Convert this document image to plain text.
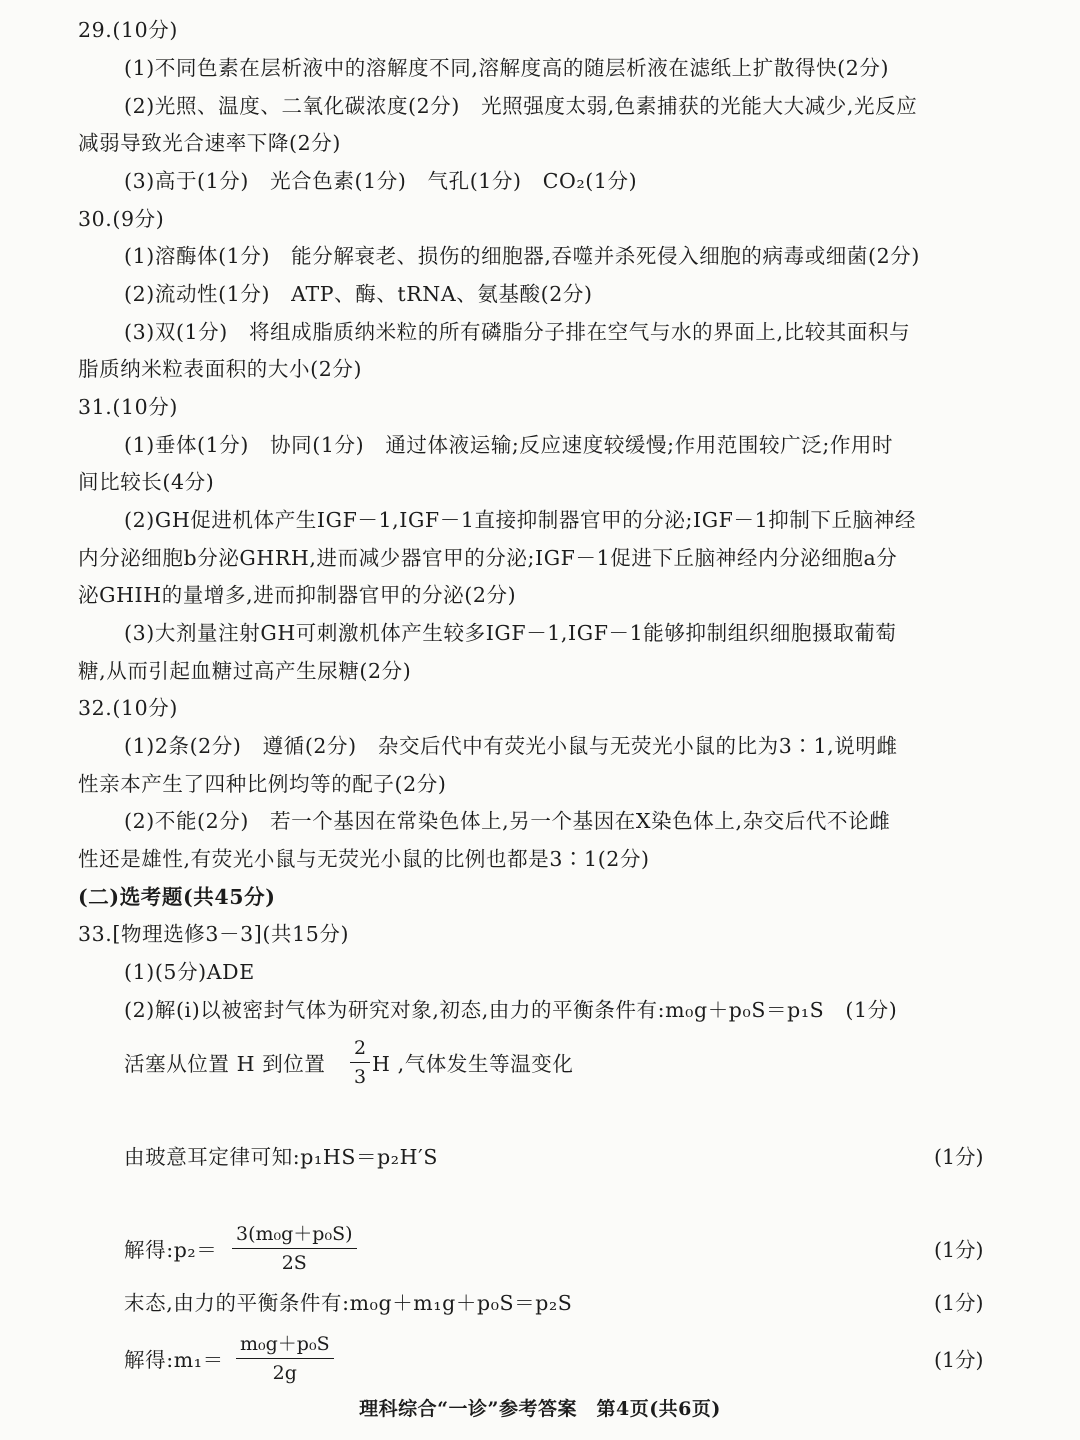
29.(10分)
(1)不同色素在层析液中的溶解度不同,溶解度高的随层析液在滤纸上扩散得快(2分)
(2)光照、温度、二氧化碳浓度(2分)　光照强度太弱,色素捕获的光能大大减少,光反应
减弱导致光合速率下降(2分)
(3)高于(1分)　光合色素(1分)　气孔(1分)　CO₂(1分)
30.(9分)
(1)溶酶体(1分)　能分解衰老、损伤的细胞器,吞噬并杀死侵入细胞的病毒或细菌(2分)
(2)流动性(1分)　ATP、酶、tRNA、氨基酸(2分)
(3)双(1分)　将组成脂质纳米粒的所有磷脂分子排在空气与水的界面上,比较其面积与
脂质纳米粒表面积的大小(2分)
31.(10分)
(1)垂体(1分)　协同(1分)　通过体液运输;反应速度较缓慢;作用范围较广泛;作用时
间比较长(4分)
(2)GH促进机体产生IGF－1,IGF－1直接抑制器官甲的分泌;IGF－1抑制下丘脑神经
内分泌细胞b分泌GHRH,进而减少器官甲的分泌;IGF－1促进下丘脑神经内分泌细胞a分
泌GHIH的量增多,进而抑制器官甲的分泌(2分)
(3)大剂量注射GH可刺激机体产生较多IGF－1,IGF－1能够抑制组织细胞摄取葡萄
糖,从而引起血糖过高产生尿糖(2分)
32.(10分)
(1)2条(2分)　遵循(2分)　杂交后代中有荧光小鼠与无荧光小鼠的比为3∶1,说明雌
性亲本产生了四种比例均等的配子(2分)
(2)不能(2分)　若一个基因在常染色体上,另一个基因在X染色体上,杂交后代不论雌
性还是雄性,有荧光小鼠与无荧光小鼠的比例也都是3∶1(2分)
(二)选考题(共45分)
33.[物理选修3－3](共15分)
(1)(5分)ADE
(2)解(i)以被密封气体为研究对象,初态,由力的平衡条件有:m₀g＋p₀S＝p₁S　(1分)
活塞从位置 H 到位置 $\frac{2}{3}$ H ,气体发生等温变化
由玻意耳定律可知:p₁HS＝p₂H′S	(1分)
解得:p₂＝ $\frac{\text{3(m₀g＋p₀S)}}{2S}$	(1分)
末态,由力的平衡条件有:m₀g＋m₁g＋p₀S＝p₂S	(1分)
解得:m₁＝ $\frac{\text{m₀g＋p₀S}}{2g}$	(1分)
理科综合“一诊”参考答案　第4页(共6页)
